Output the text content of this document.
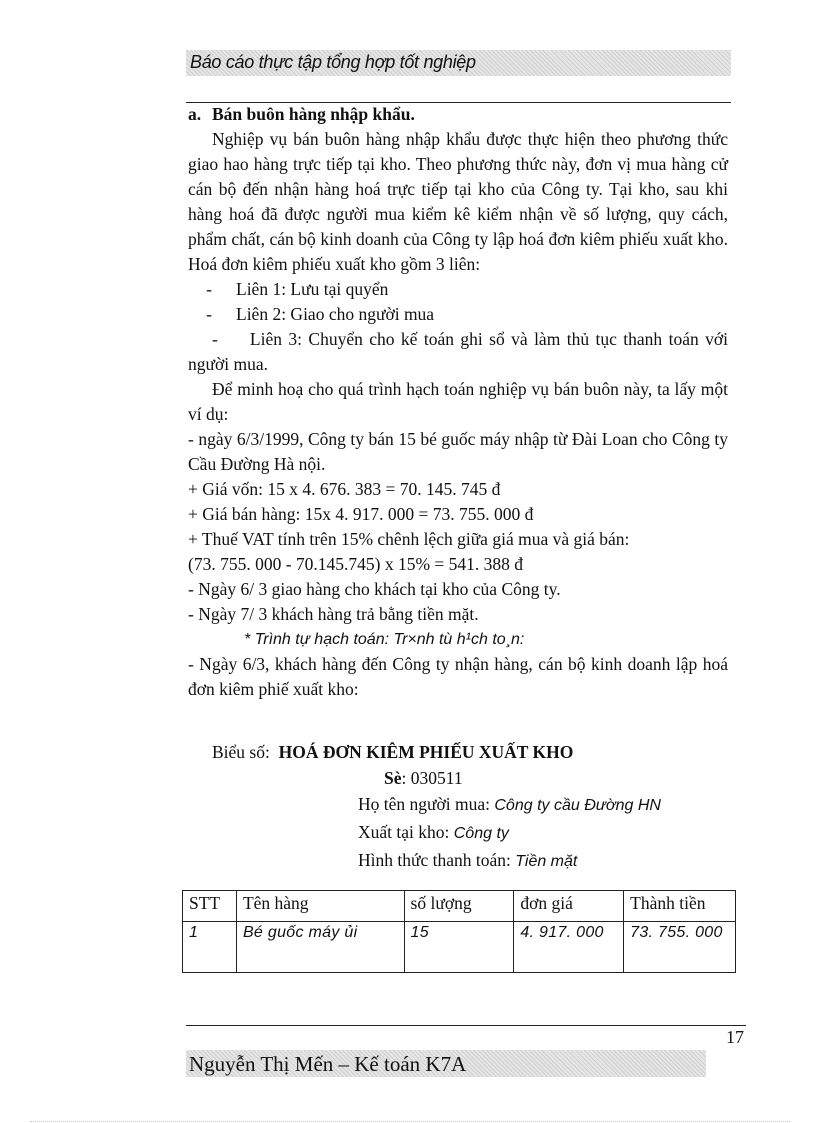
Báo cáo thực tập tổng hợp tốt nghiệp

a. Bán buôn hàng nhập khẩu.

Nghiệp vụ bán buôn hàng nhập khẩu được thực hiện theo phương thức giao hao hàng trực tiếp tại kho. Theo phương thức này, đơn vị mua hàng cử cán bộ đến nhận hàng hoá trực tiếp tại kho của Công ty. Tại kho, sau khi hàng hoá đã được người mua kiểm kê kiểm nhận về số lượng, quy cách, phẩm chất, cán bộ kinh doanh của Công ty lập hoá đơn kiêm phiếu xuất kho. Hoá đơn kiêm phiếu xuất kho gồm 3 liên:

-	Liên 1: Lưu tại quyển
-	Liên 2: Giao cho người mua

- Liên 3: Chuyển cho kế toán ghi sổ và làm thủ tục thanh toán với người mua.

Để minh hoạ cho quá trình hạch toán nghiệp vụ bán buôn này, ta lấy một ví dụ:

- ngày 6/3/1999, Công ty bán 15 bé guốc máy nhập từ Đài Loan cho Công ty Cầu Đường Hà nội.

+ Giá vốn: 15 x 4. 676. 383 = 70. 145. 745 đ

+ Giá bán hàng: 15x 4. 917. 000 = 73. 755. 000 đ

+ Thuế VAT tính trên 15% chênh lệch giữa giá mua và giá bán:

(73. 755. 000 - 70.145.745) x 15% = 541. 388 đ

- Ngày 6/ 3 giao hàng cho khách tại kho của Công ty.

- Ngày 7/ 3 khách hàng trả bằng tiền mặt.

* Trình tự hạch toán: Tr×nh tù h¹ch to¸n:

- Ngày 6/3, khách hàng đến Công ty nhận hàng, cán bộ kinh doanh lập hoá đơn kiêm phiế xuất kho:

Biểu số: HOÁ ĐƠN KIÊM PHIẾU XUẤT KHO
Sè: 030511
Họ tên người mua: Công ty cầu Đường HN
Xuất tại kho: Công ty
Hình thức thanh toán: Tiền mặt
STT	Tên hàng	số lượng	đơn giá	Thành tiền
1	Bé guốc máy ủi	15	4. 917. 000	73. 755. 000
17
Nguyễn Thị Mến – Kế toán K7A
